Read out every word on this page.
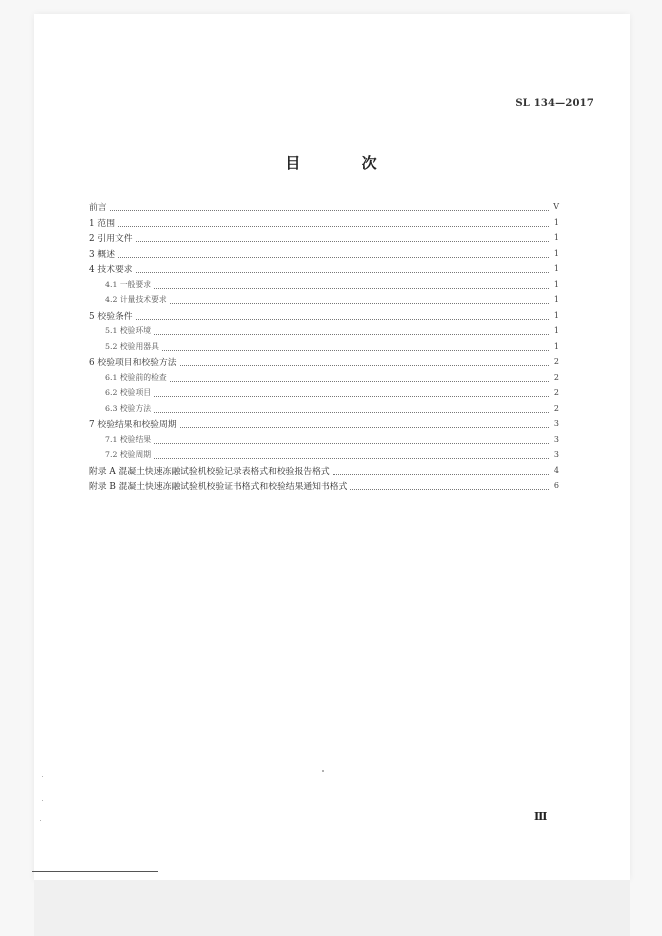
SL 134—2017
目 次
前言	Ⅴ
1 范围	1
2 引用文件	1
3 概述	1
4 技术要求	1
4.1 一般要求	1
4.2 计量技术要求	1
5 校验条件	1
5.1 校验环境	1
5.2 校验用器具	1
6 校验项目和校验方法	2
6.1 校验前的检查	2
6.2 校验项目	2
6.3 校验方法	2
7 校验结果和校验周期	3
7.1 校验结果	3
7.2 校验周期	3
附录 A 混凝土快速冻融试验机校验记录表格式和校验报告格式	4
附录 B 混凝土快速冻融试验机校验证书格式和校验结果通知书格式	6
Ⅲ
